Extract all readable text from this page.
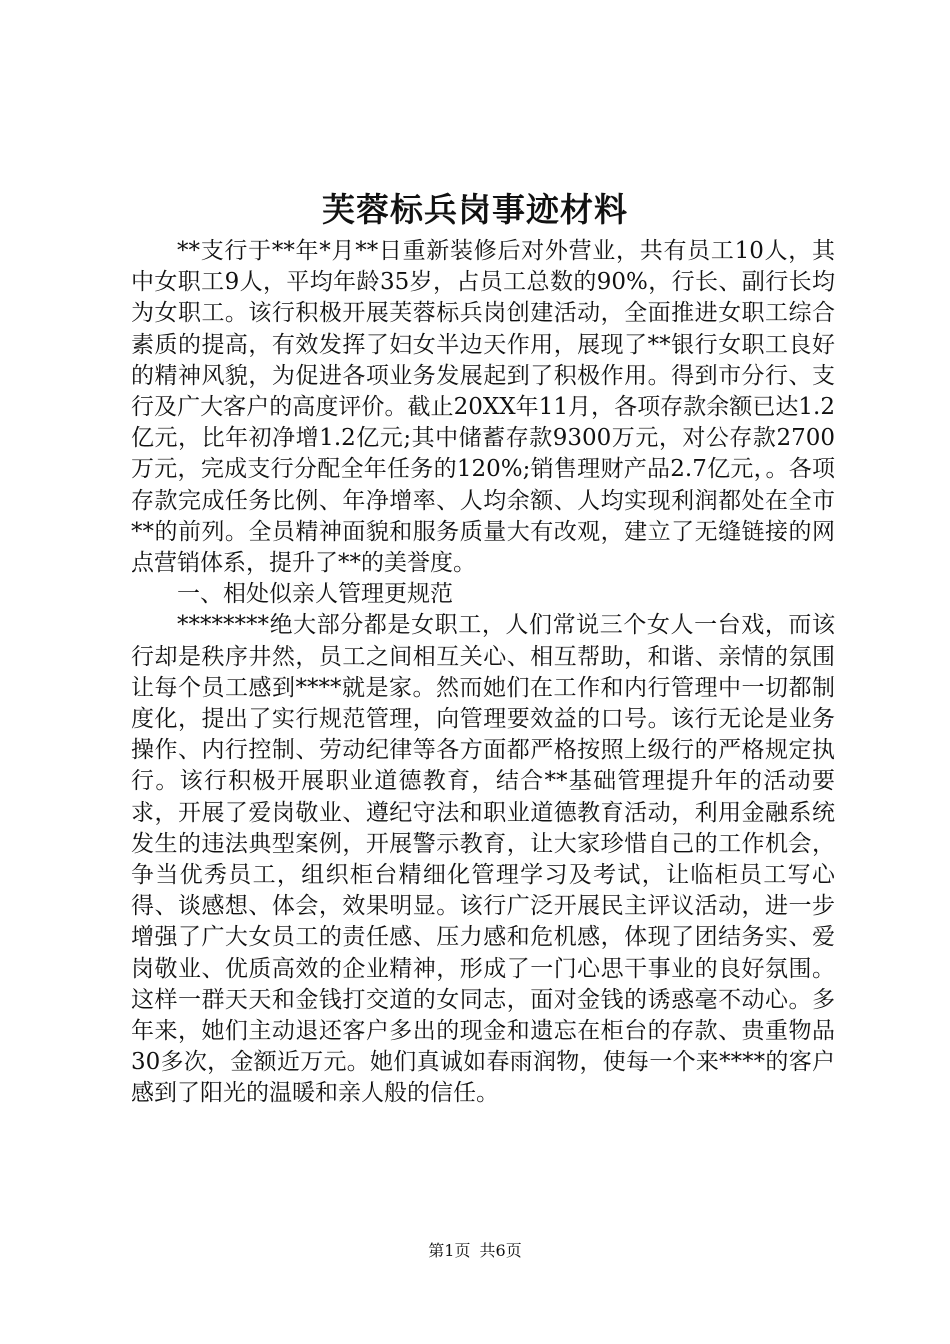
芙蓉标兵岗事迹材料

**支行于**年*月**日重新装修后对外营业，共有员工10人，其中女职工9人，平均年龄35岁，占员工总数的90%，行长、副行长均为女职工。该行积极开展芙蓉标兵岗创建活动，全面推进女职工综合素质的提高，有效发挥了妇女半边天作用，展现了**银行女职工良好的精神风貌，为促进各项业务发展起到了积极作用。得到市分行、支行及广大客户的高度评价。截止20XX年11月，各项存款余额已达1.2亿元，比年初净增1.2亿元;其中储蓄存款9300万元，对公存款2700万元，完成支行分配全年任务的120%;销售理财产品2.7亿元，。各项存款完成任务比例、年净增率、人均余额、人均实现利润都处在全市**的前列。全员精神面貌和服务质量大有改观，建立了无缝链接的网点营销体系，提升了**的美誉度。

一、相处似亲人管理更规范

********绝大部分都是女职工，人们常说三个女人一台戏，而该行却是秩序井然，员工之间相互关心、相互帮助，和谐、亲情的氛围让每个员工感到****就是家。然而她们在工作和内行管理中一切都制度化，提出了实行规范管理，向管理要效益的口号。该行无论是业务操作、内行控制、劳动纪律等各方面都严格按照上级行的严格规定执行。该行积极开展职业道德教育，结合**基础管理提升年的活动要求，开展了爱岗敬业、遵纪守法和职业道德教育活动，利用金融系统发生的违法典型案例，开展警示教育，让大家珍惜自己的工作机会，争当优秀员工，组织柜台精细化管理学习及考试，让临柜员工写心得、谈感想、体会，效果明显。该行广泛开展民主评议活动，进一步增强了广大女员工的责任感、压力感和危机感，体现了团结务实、爱岗敬业、优质高效的企业精神，形成了一门心思干事业的良好氛围。这样一群天天和金钱打交道的女同志，面对金钱的诱惑毫不动心。多年来，她们主动退还客户多出的现金和遗忘在柜台的存款、贵重物品30多次，金额近万元。她们真诚如春雨润物，使每一个来****的客户感到了阳光的温暖和亲人般的信任。

第1页 共6页
